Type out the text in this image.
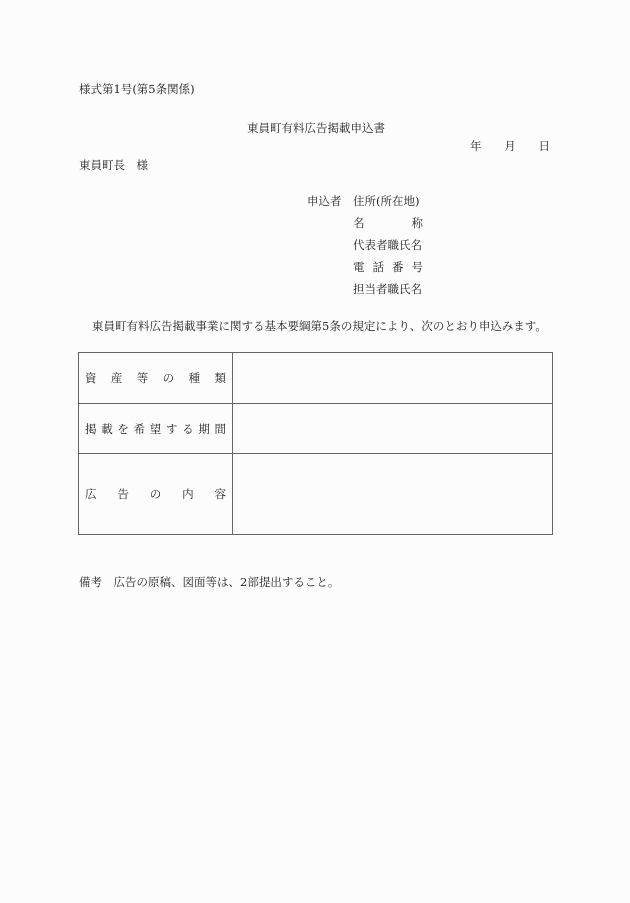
様式第1号(第5条関係)
東員町有料広告掲載申込書
年 月 日
東員町長　様
申込者 住所(所在地)
名	称
代表者職氏名
電 話 番 号
担当者職氏名
東員町有料広告掲載事業に関する基本要綱第5条の規定により、次のとおり申込みます。
資 産 等 の 種 類

掲 載 を 希 望 す る 期 間

広 告 の 内 容	

備考　広告の原稿、図面等は、2部提出すること。
